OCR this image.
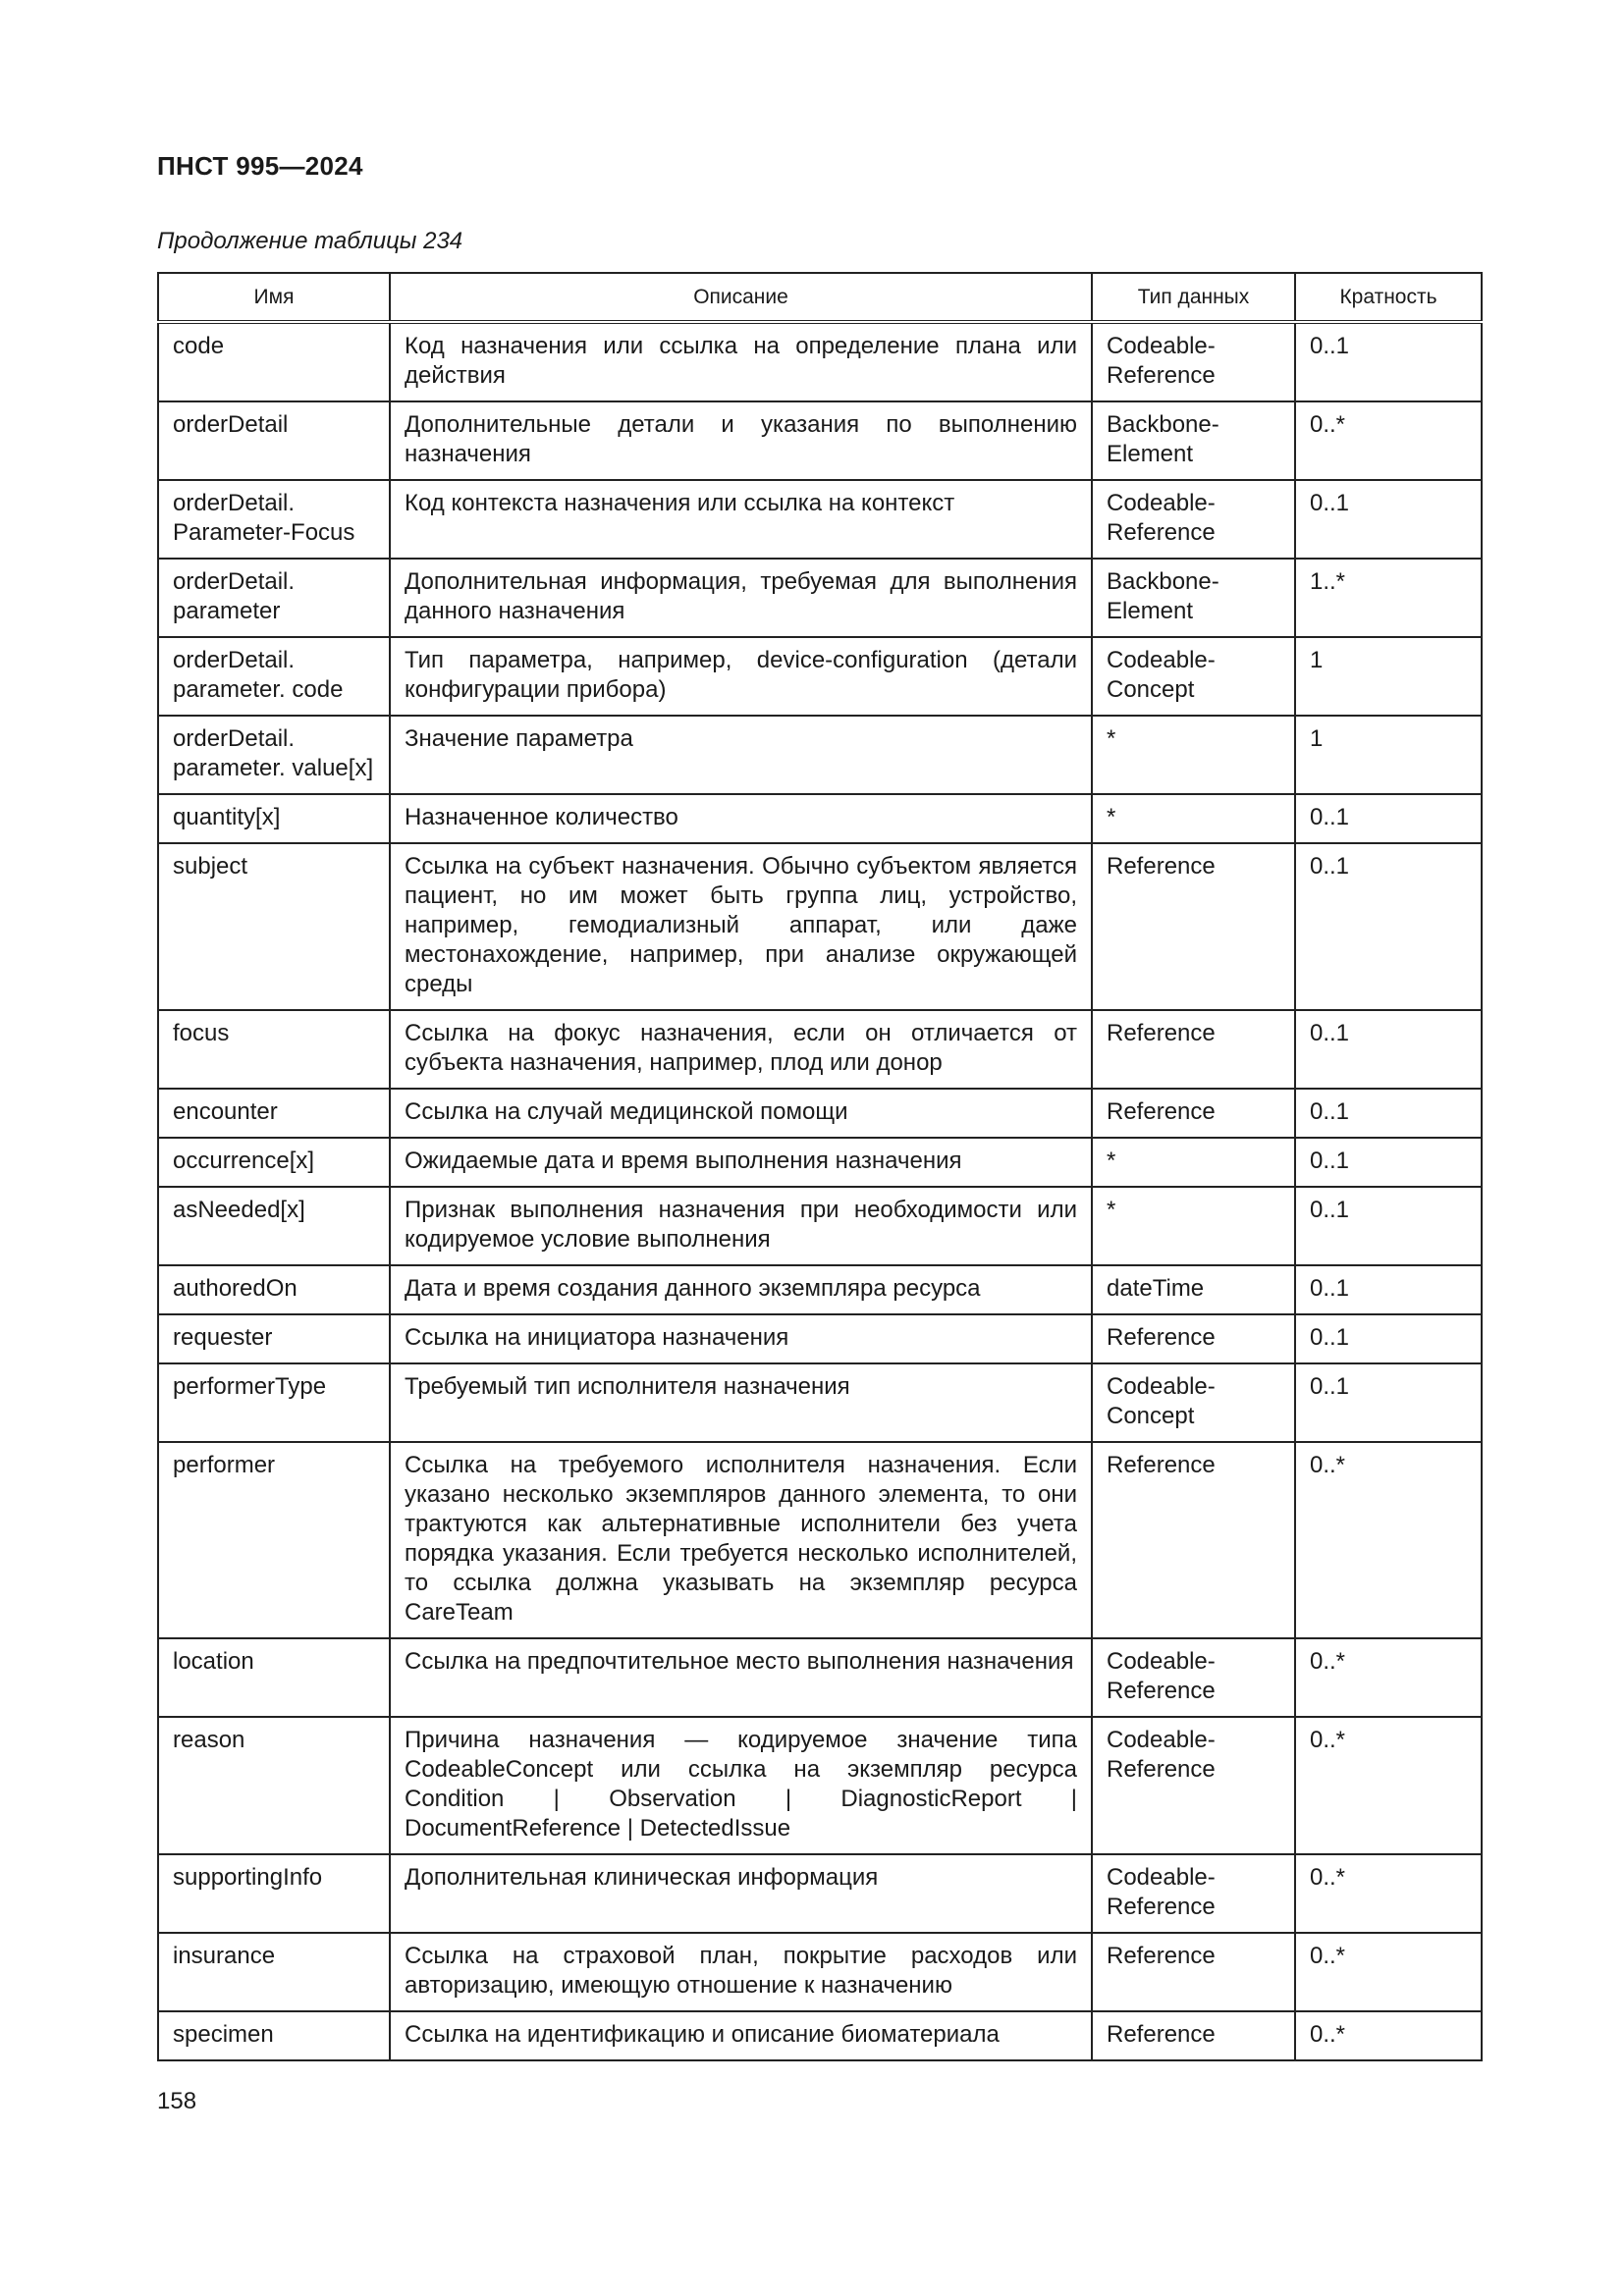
ПНСТ 995—2024
Продолжение таблицы 234
Имя	Описание	Тип данных	Кратность
code	Код назначения или ссылка на определение плана или действия	Codeable-Reference	0..1
orderDetail	Дополнительные детали и указания по выполнению назначения	Backbone-Element	0..*
orderDetail. Parameter-Focus	Код контекста назначения или ссылка на контекст	Codeable-Reference	0..1
orderDetail. parameter	Дополнительная информация, требуемая для выполнения данного назначения	Backbone-Element	1..*
orderDetail. parameter. code	Тип параметра, например, device-configuration (детали конфигурации прибора)	Codeable-Concept	1
orderDetail. parameter. value[x]	Значение параметра	*	1
quantity[x]	Назначенное количество	*	0..1
subject	Ссылка на субъект назначения. Обычно субъектом является пациент, но им может быть группа лиц, устройство, например, гемодиализный аппарат, или даже местонахождение, например, при анализе окружающей среды	Reference	0..1
focus	Ссылка на фокус назначения, если он отличается от субъекта назначения, например, плод или донор	Reference	0..1
encounter	Ссылка на случай медицинской помощи	Reference	0..1
occurrence[x]	Ожидаемые дата и время выполнения назначения	*	0..1
asNeeded[x]	Признак выполнения назначения при необходимости или кодируемое условие выполнения	*	0..1
authoredOn	Дата и время создания данного экземпляра ресурса	dateTime	0..1
requester	Ссылка на инициатора назначения	Reference	0..1
performerType	Требуемый тип исполнителя назначения	Codeable-Concept	0..1
performer	Ссылка на требуемого исполнителя назначения. Если указано несколько экземпляров данного элемента, то они трактуются как альтернативные исполнители без учета порядка указания. Если требуется несколько исполнителей, то ссылка должна указывать на экземпляр ресурса CareTeam	Reference	0..*
location	Ссылка на предпочтительное место выполнения назначения	Codeable-Reference	0..*
reason	Причина назначения — кодируемое значение типа CodeableConcept или ссылка на экземпляр ресурса Condition | Observation | DiagnosticReport | DocumentReference | DetectedIssue	Codeable-Reference	0..*
supportingInfo	Дополнительная клиническая информация	Codeable-Reference	0..*
insurance	Ссылка на страховой план, покрытие расходов или авторизацию, имеющую отношение к назначению	Reference	0..*
specimen	Ссылка на идентификацию и описание биоматериала	Reference	0..*
158
